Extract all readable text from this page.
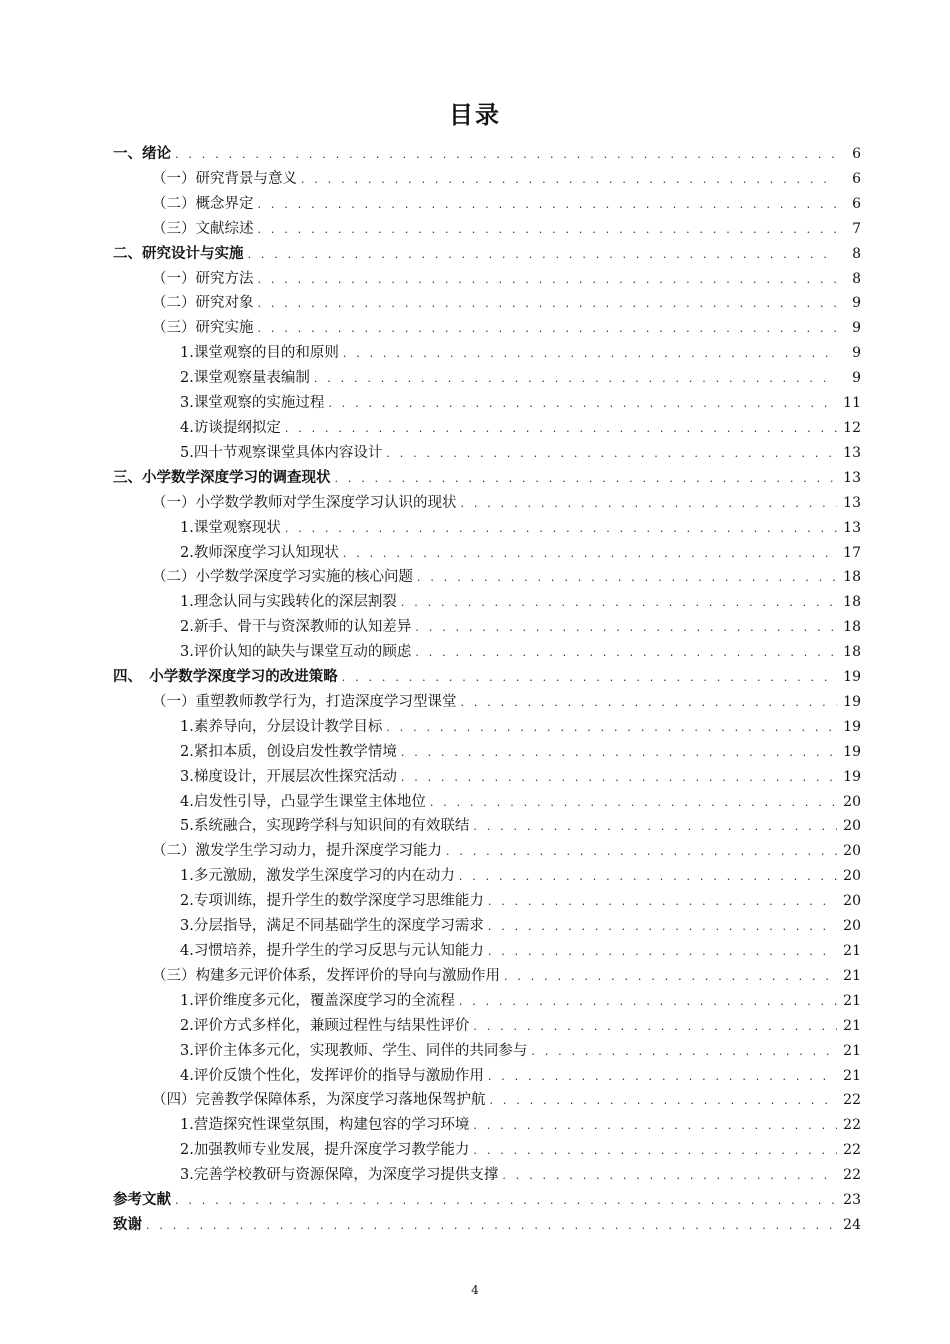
目录
一、绪论 . . .	6
（一）研究背景与意义 . . .	6
（二）概念界定 . . .	6
（三）文献综述 . . .	7
二、研究设计与实施 . . .	8
（一）研究方法 . . .	8
（二）研究对象 . . .	9
（三）研究实施 . . .	9
1.课堂观察的目的和原则 . . .	9
2.课堂观察量表编制 . . .	9
3.课堂观察的实施过程 . . .	11
4.访谈提纲拟定 . . .	12
5.四十节观察课堂具体内容设计 . . .	13
三、小学数学深度学习的调查现状 . . .	13
（一）小学数学教师对学生深度学习认识的现状 . . .	13
1.课堂观察现状 . . .	13
2.教师深度学习认知现状 . . .	17
（二）小学数学深度学习实施的核心问题 . . .	18
1.理念认同与实践转化的深层割裂 . . .	18
2.新手、骨干与资深教师的认知差异 . . .	18
3.评价认知的缺失与课堂互动的顾虑 . . .	18
四、　小学数学深度学习的改进策略 . . .	19
（一）重塑教师教学行为，打造深度学习型课堂 . . .	19
1.素养导向，分层设计教学目标 . . .	19
2.紧扣本质，创设启发性教学情境 . . .	19
3.梯度设计，开展层次性探究活动 . . .	19
4.启发性引导，凸显学生课堂主体地位 . . .	20
5.系统融合，实现跨学科与知识间的有效联结 . . .	20
（二）激发学生学习动力，提升深度学习能力 . . .	20
1.多元激励，激发学生深度学习的内在动力 . . .	20
2.专项训练，提升学生的数学深度学习思维能力 . . .	20
3.分层指导，满足不同基础学生的深度学习需求 . . .	20
4.习惯培养，提升学生的学习反思与元认知能力 . . .	21
（三）构建多元评价体系，发挥评价的导向与激励作用 . . .	21
1.评价维度多元化，覆盖深度学习的全流程 . . .	21
2.评价方式多样化，兼顾过程性与结果性评价 . . .	21
3.评价主体多元化，实现教师、学生、同伴的共同参与 . . .	21
4.评价反馈个性化，发挥评价的指导与激励作用 . . .	21
（四）完善教学保障体系，为深度学习落地保驾护航 . . .	22
1.营造探究性课堂氛围，构建包容的学习环境 . . .	22
2.加强教师专业发展，提升深度学习教学能力 . . .	22
3.完善学校教研与资源保障，为深度学习提供支撑 . . .	22
参考文献 . . .	23
致谢 . . .	24
4
